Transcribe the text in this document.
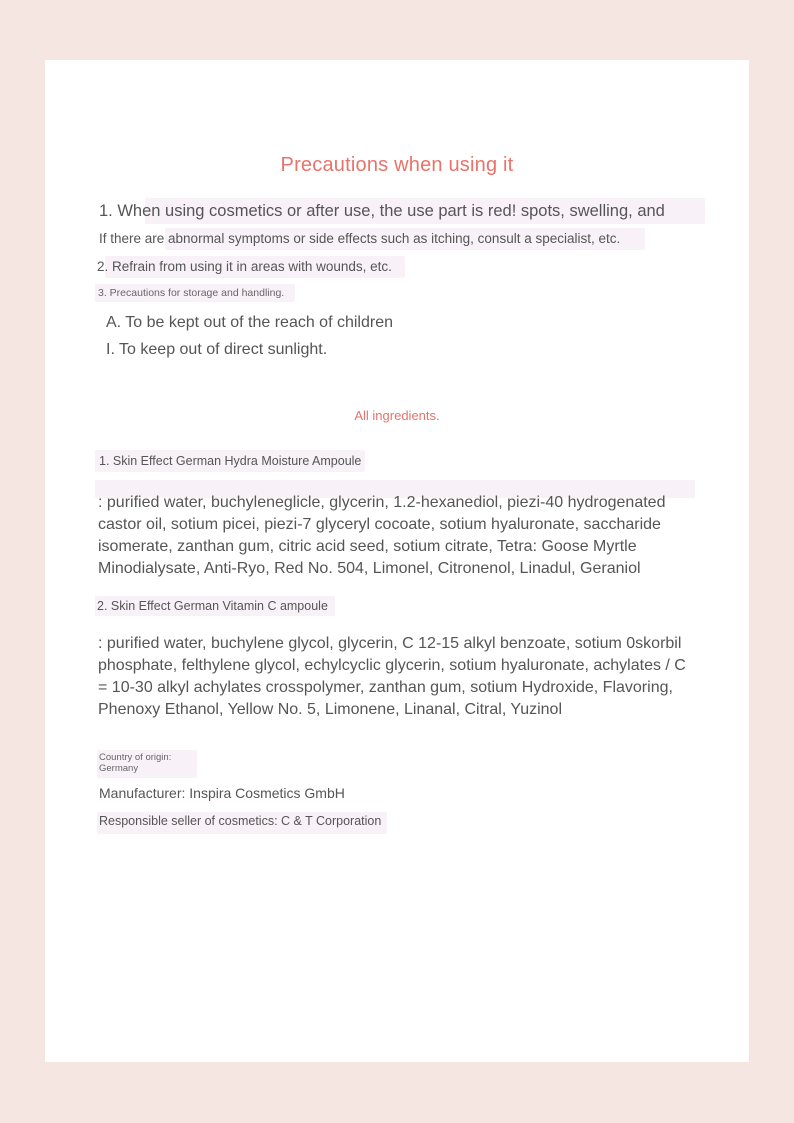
Precautions when using it
1. When using cosmetics or after use, the use part is red! spots, swelling, and
If there are abnormal symptoms or side effects such as itching, consult a specialist, etc.
2. Refrain from using it in areas with wounds, etc.
3. Precautions for storage and handling.
A. To be kept out of the reach of children
I. To keep out of direct sunlight.
All ingredients.
1. Skin Effect German Hydra Moisture Ampoule
: purified water, buchyleneglicle, glycerin, 1.2-hexanediol, piezi-40 hydrogenated
castor oil, sotium picei, piezi-7 glyceryl cocoate, sotium hyaluronate, saccharide
isomerate, zanthan gum, citric acid seed, sotium citrate, Tetra: Goose Myrtle
Minodialysate, Anti-Ryo, Red No. 504, Limonel, Citronenol, Linadul, Geraniol
2. Skin Effect German Vitamin C ampoule
: purified water, buchylene glycol, glycerin, C 12-15 alkyl benzoate, sotium 0skorbil
phosphate, felthylene glycol, echylcyclic glycerin, sotium hyaluronate, achylates / C
= 10-30 alkyl achylates crosspolymer, zanthan gum, sotium Hydroxide, Flavoring,
Phenoxy Ethanol, Yellow No. 5, Limonene, Linanal, Citral, Yuzinol
Country of origin:
Germany
Manufacturer: Inspira Cosmetics GmbH
Responsible seller of cosmetics: C & T Corporation
